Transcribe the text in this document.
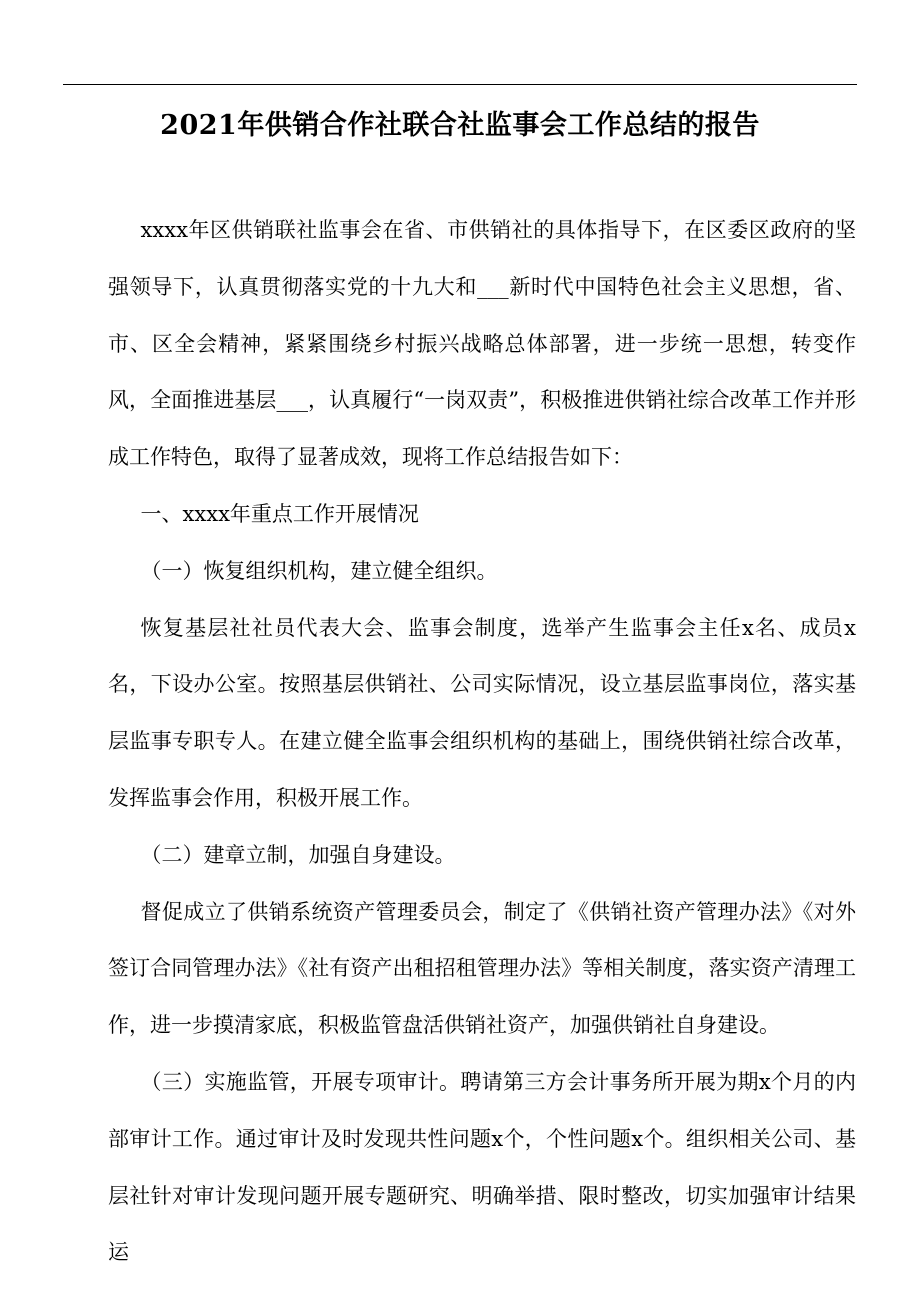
2021年供销合作社联合社监事会工作总结的报告

xxxx年区供销联社监事会在省、市供销社的具体指导下，在区委区政府的坚强领导下，认真贯彻落实党的十九大和___新时代中国特色社会主义思想，省、市、区全会精神，紧紧围绕乡村振兴战略总体部署，进一步统一思想，转变作风，全面推进基层___，认真履行“一岗双责”，积极推进供销社综合改革工作并形成工作特色，取得了显著成效，现将工作总结报告如下：

一、xxxx年重点工作开展情况

（一）恢复组织机构，建立健全组织。

恢复基层社社员代表大会、监事会制度，选举产生监事会主任x名、成员x名，下设办公室。按照基层供销社、公司实际情况，设立基层监事岗位，落实基层监事专职专人。在建立健全监事会组织机构的基础上，围绕供销社综合改革，发挥监事会作用，积极开展工作。

（二）建章立制，加强自身建设。

督促成立了供销系统资产管理委员会，制定了《供销社资产管理办法》《对外签订合同管理办法》《社有资产出租招租管理办法》等相关制度，落实资产清理工作，进一步摸清家底，积极监管盘活供销社资产，加强供销社自身建设。

（三）实施监管，开展专项审计。聘请第三方会计事务所开展为期x个月的内部审计工作。通过审计及时发现共性问题x个，个性问题x个。组织相关公司、基层社针对审计发现问题开展专题研究、明确举措、限时整改，切实加强审计结果运
